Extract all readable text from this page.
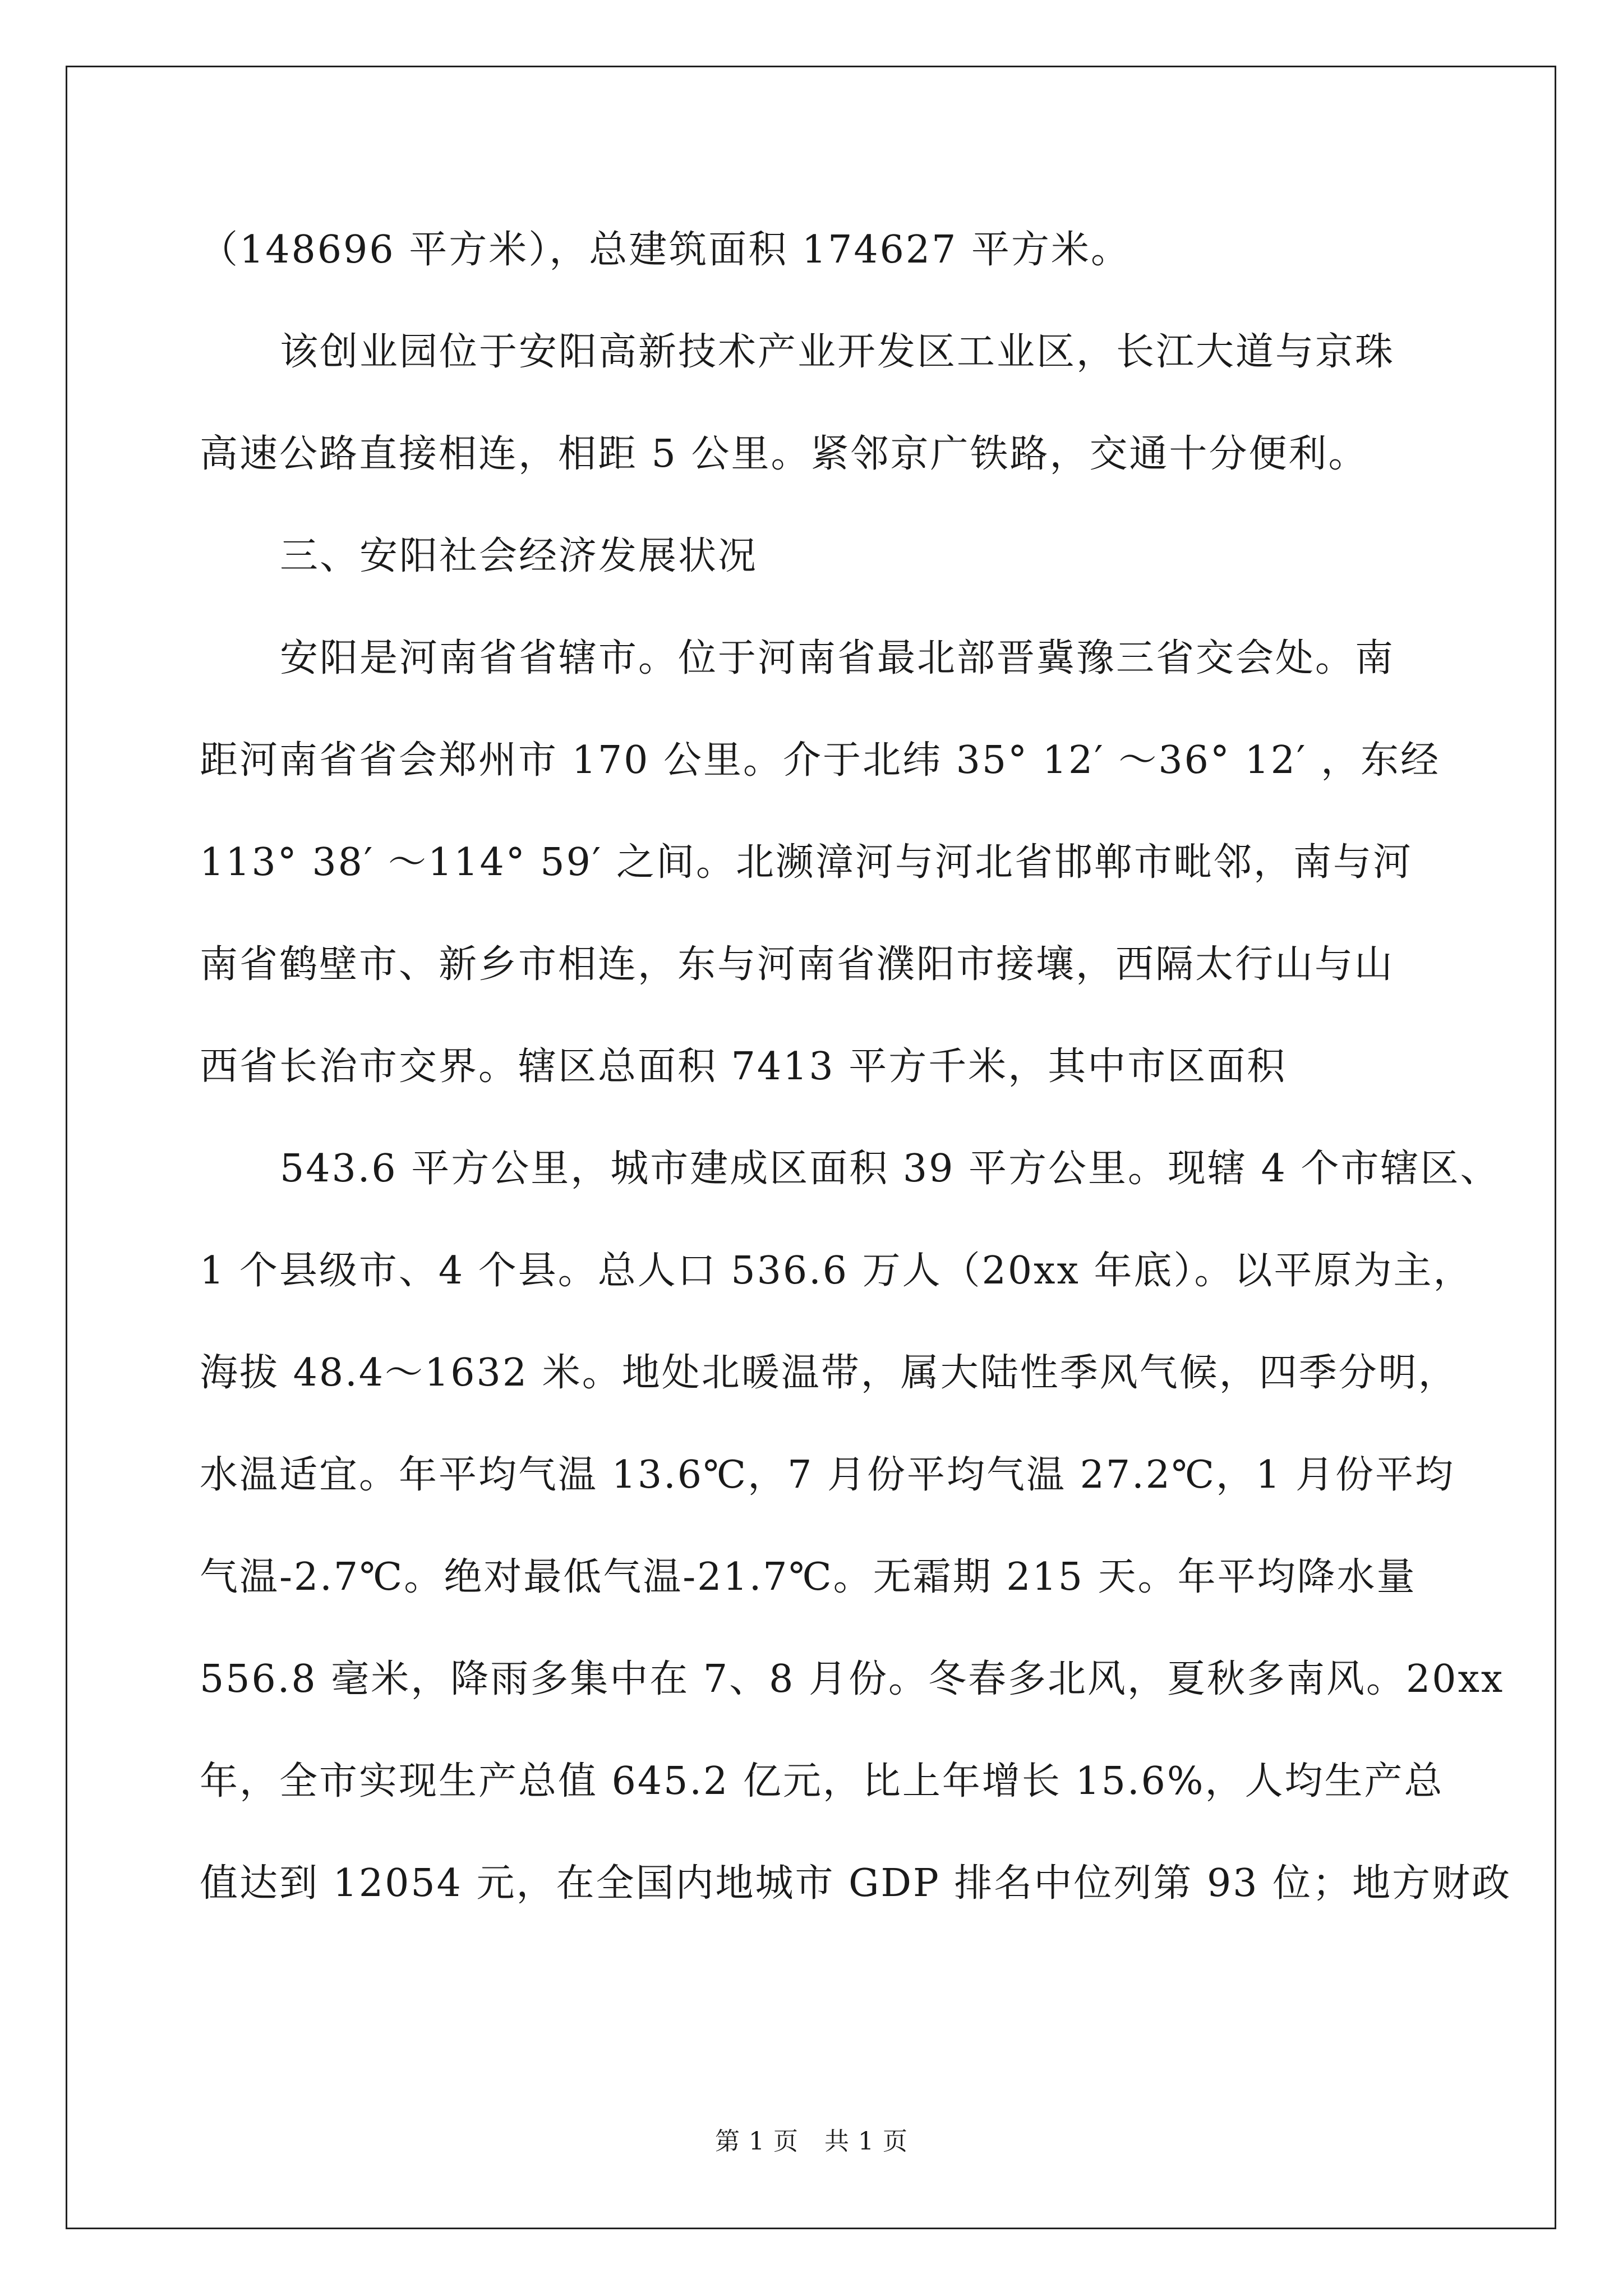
（148696 平方米），总建筑面积 174627 平方米。
该创业园位于安阳高新技术产业开发区工业区，长江大道与京珠
高速公路直接相连，相距 5 公里。紧邻京广铁路，交通十分便利。
三、安阳社会经济发展状况
安阳是河南省省辖市。位于河南省最北部晋冀豫三省交会处。南
距河南省省会郑州市 170 公里。介于北纬 35° 12′ ～36° 12′ ，东经
113° 38′ ～114° 59′ 之间。北濒漳河与河北省邯郸市毗邻，南与河
南省鹤壁市、新乡市相连，东与河南省濮阳市接壤，西隔太行山与山
西省长治市交界。辖区总面积 7413 平方千米，其中市区面积
543.6 平方公里，城市建成区面积 39 平方公里。现辖 4 个市辖区、
1 个县级市、4 个县。总人口 536.6 万人（20xx 年底）。以平原为主，
海拔 48.4～1632 米。地处北暖温带，属大陆性季风气候，四季分明，
水温适宜。年平均气温 13.6℃，7 月份平均气温 27.2℃，1 月份平均
气温-2.7℃。绝对最低气温-21.7℃。无霜期 215 天。年平均降水量
556.8 毫米，降雨多集中在 7、8 月份。冬春多北风，夏秋多南风。20xx
年，全市实现生产总值 645.2 亿元，比上年增长 15.6%，人均生产总
值达到 12054 元，在全国内地城市 GDP 排名中位列第 93 位；地方财政
第 1 页 共 1 页
